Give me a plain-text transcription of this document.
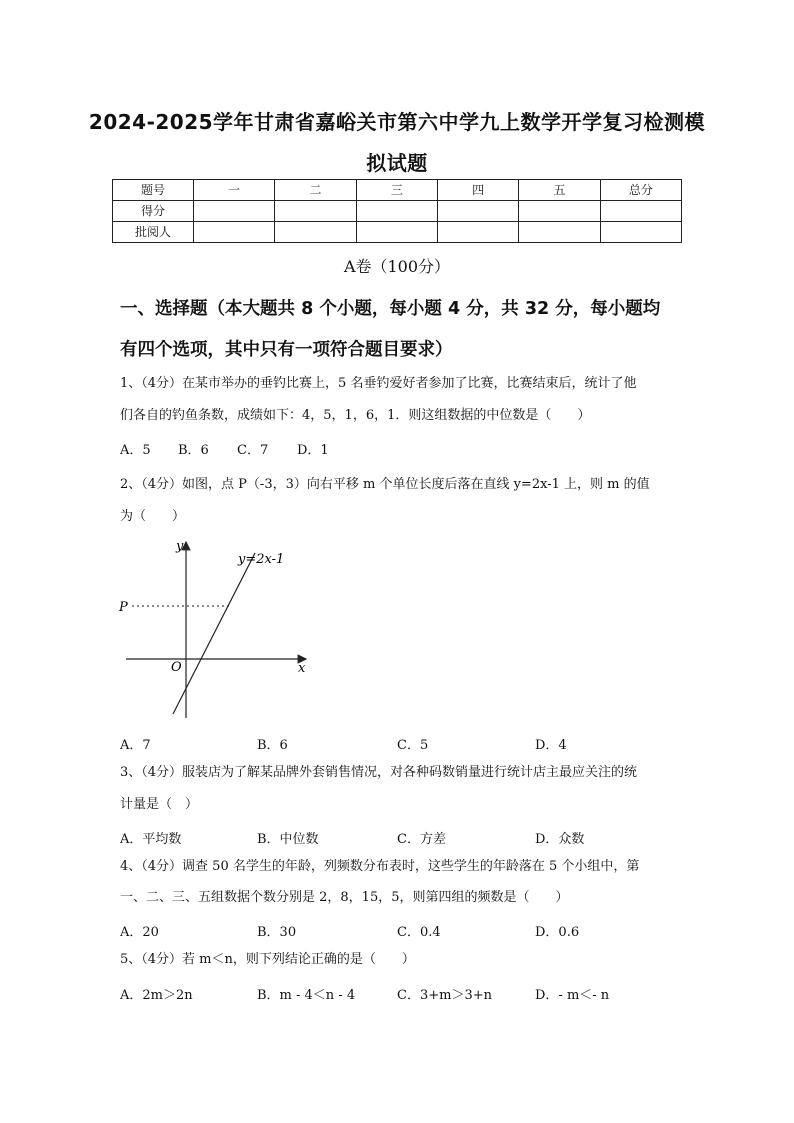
2024-2025学年甘肃省嘉峪关市第六中学九上数学开学复习检测模
拟试题
题号	一	二	三	四	五	总分
得分						
批阅人						
A卷（100分）
一、选择题（本大题共 8 个小题，每小题 4 分，共 32 分，每小题均
有四个选项，其中只有一项符合题目要求）
1、（4分）在某市举办的垂钓比赛上，5 名垂钓爱好者参加了比赛，比赛结束后，统计了他
们各自的钓鱼条数，成绩如下：4，5，1，6，1．则这组数据的中位数是（　　）
A．5 B．6 C．7 D．1
2、（4分）如图，点 P（-3，3）向右平移 m 个单位长度后落在直线 y=2x-1 上，则 m 的值
为（　　）
y
x
O
P
y=2x-1
A．7	B．6	C．5	D．4
3、（4分）服装店为了解某品牌外套销售情况，对各种码数销量进行统计店主最应关注的统
计量是（　）
A．平均数	B．中位数	C．方差	D．众数
4、（4分）调查 50 名学生的年龄，列频数分布表时，这些学生的年龄落在 5 个小组中，第
一、二、三、五组数据个数分别是 2，8，15，5，则第四组的频数是（　　）
A．20	B．30	C．0.4	D．0.6
5、（4分）若 m＜n，则下列结论正确的是（　　）
A．2m＞2n	B．m - 4＜n - 4	C．3+m＞3+n	D．- m＜- n
